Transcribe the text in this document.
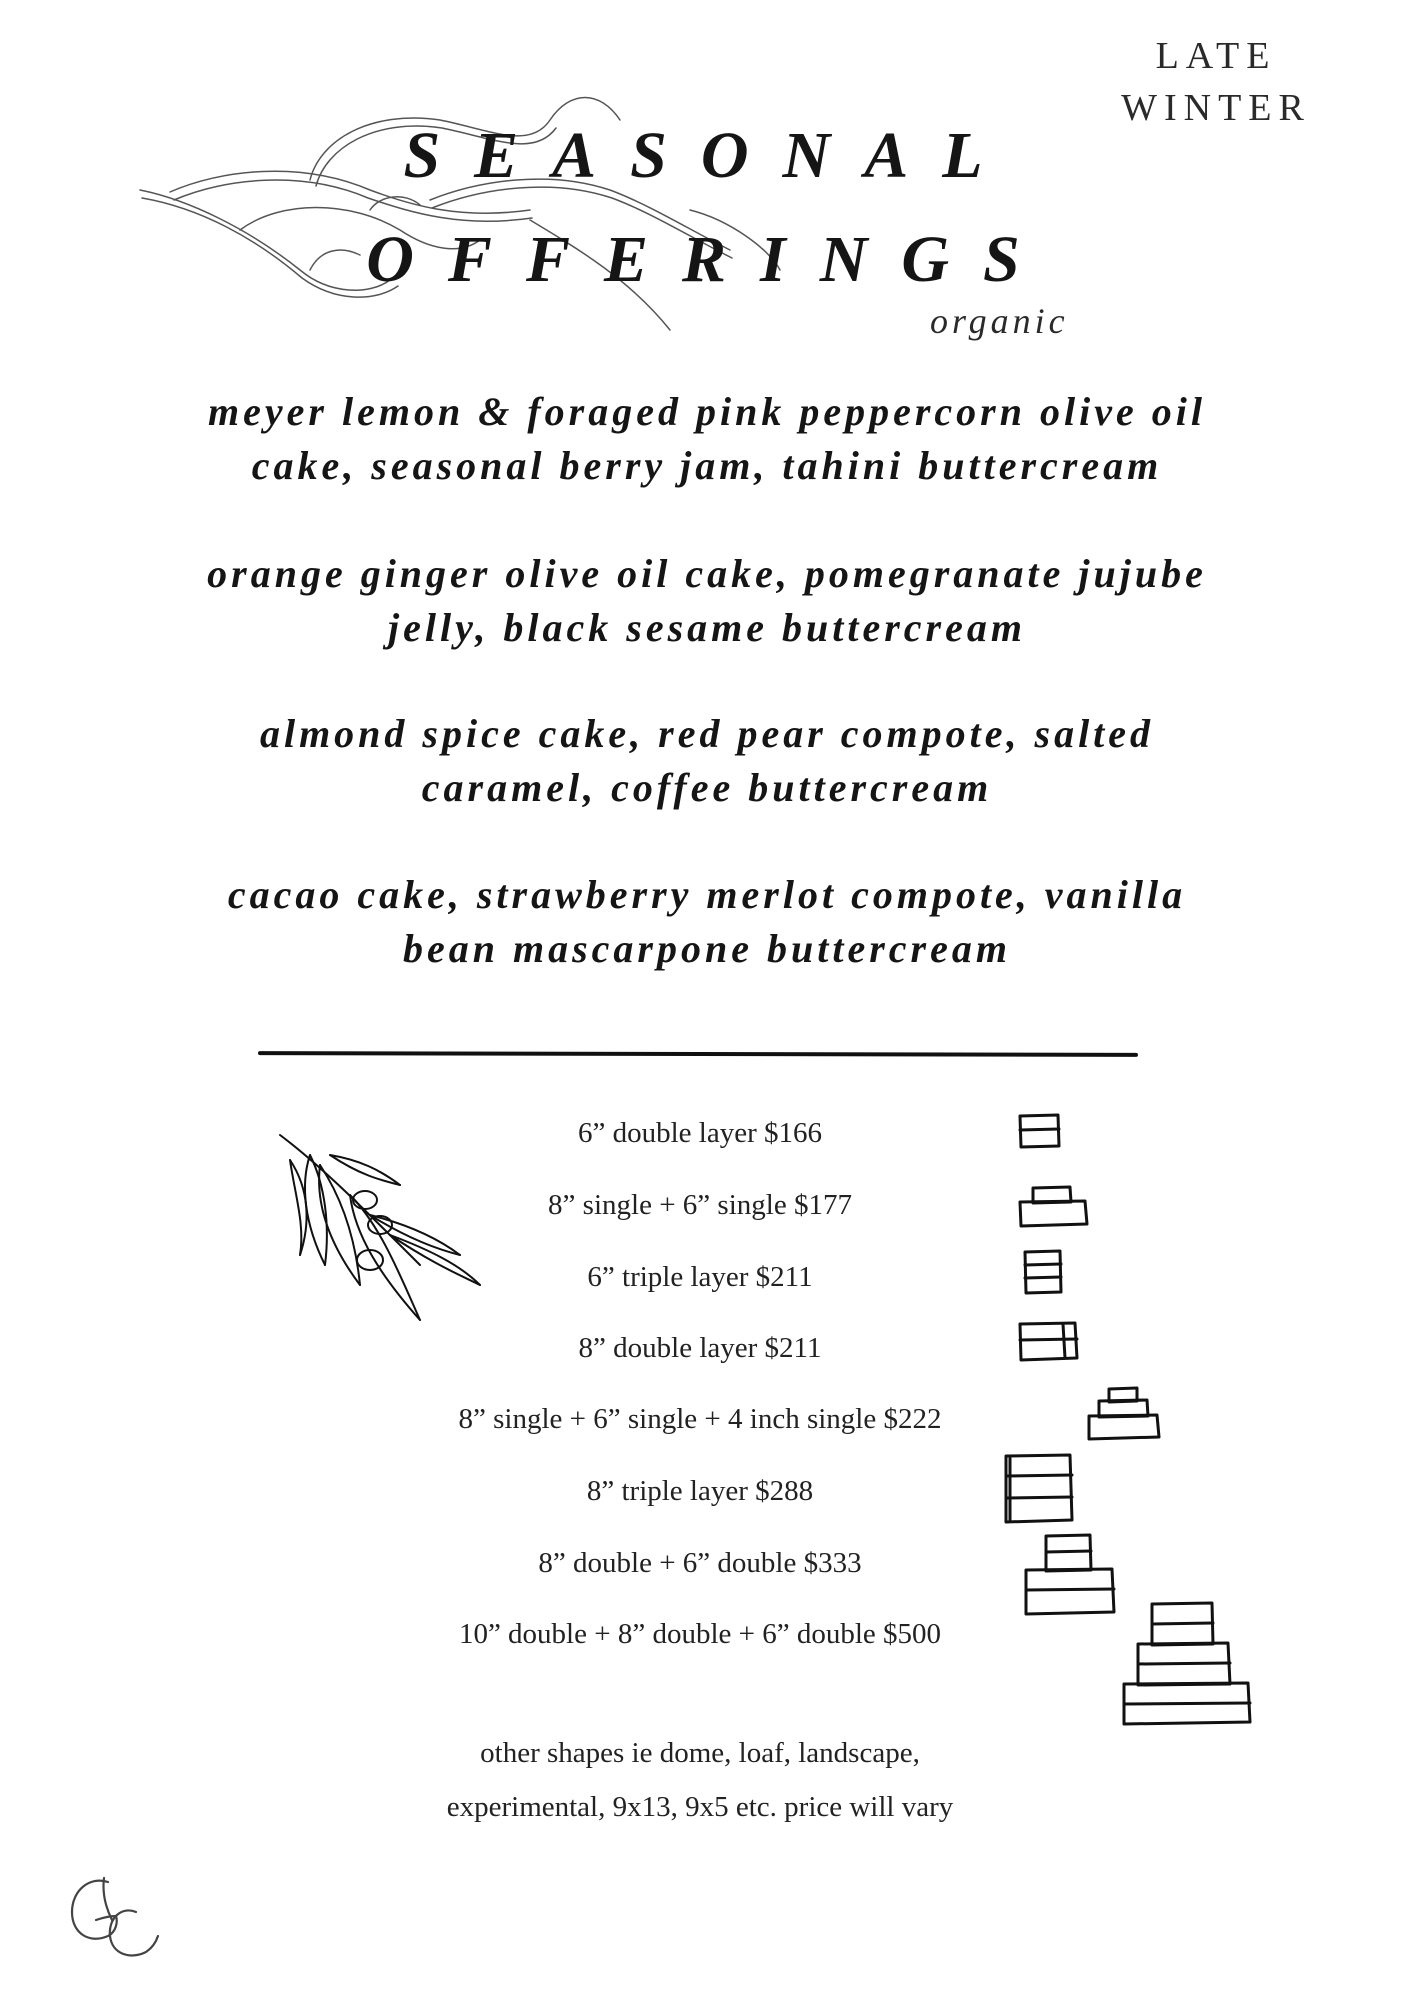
LATE
WINTER
SEASONAL
OFFERINGS
organic
meyer lemon & foraged pink peppercorn olive oil
cake, seasonal berry jam, tahini buttercream
orange ginger olive oil cake, pomegranate jujube
jelly, black sesame buttercream
almond spice cake, red pear compote, salted
caramel, coffee buttercream
cacao cake, strawberry merlot compote, vanilla
bean mascarpone buttercream
6” double layer $166
8” single + 6” single $177
6” triple layer $211
8” double layer $211
8” single + 6” single + 4 inch single $222
8” triple layer $288
8” double + 6” double $333
10” double + 8” double + 6” double $500
other shapes ie dome, loaf, landscape,
experimental, 9x13, 9x5 etc. price will vary
